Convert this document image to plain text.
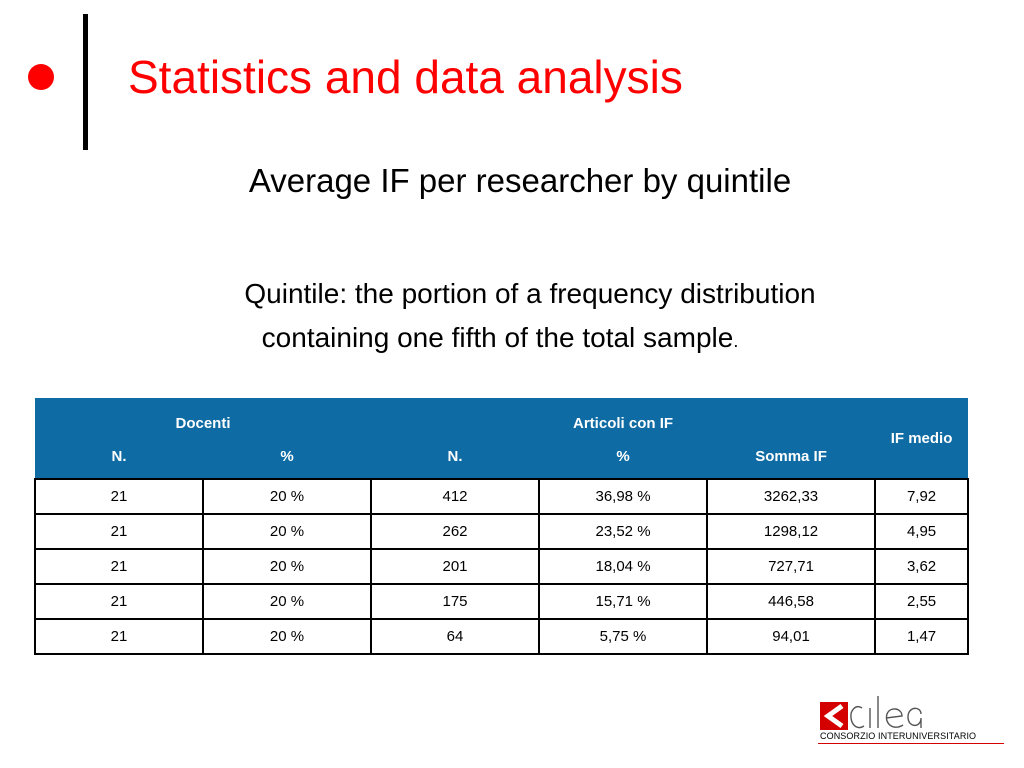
Statistics and data analysis
Average IF per researcher by quintile
Quintile: the portion of a frequency distribution
containing one fifth of the total sample.
Docenti		Articoli con IF			IF medio
N.	%	N.	%	Somma IF	
21	20 %	412	36,98 %	3262,33	7,92
21	20 %	262	23,52 %	1298,12	4,95
21	20 %	201	18,04 %	727,71	3,62
21	20 %	175	15,71 %	446,58	2,55
21	20 %	64	5,75 %	94,01	1,47
CONSORZIO INTERUNIVERSITARIO
